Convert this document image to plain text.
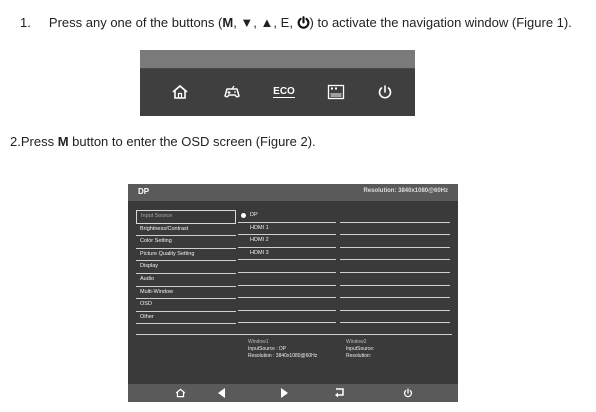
1. Press any one of the buttons (M, ▼, ▲, E, ) to activate the navigation window (Figure 1).
ECO
2.Press M button to enter the OSD screen (Figure 2).
DP	Resolution: 3840x1080@60Hz
Input Source
Brightness/Contrast
Color Setting
Picture Quality Setting
Display
Audio
Multi-Window
OSD
Other
DP
HDMI 1
HDMI 2
HDMI 3
Window1
InputSource : DP
Resolution : 3840x1080@60Hz
Window2
InputSource:
Resolution:
